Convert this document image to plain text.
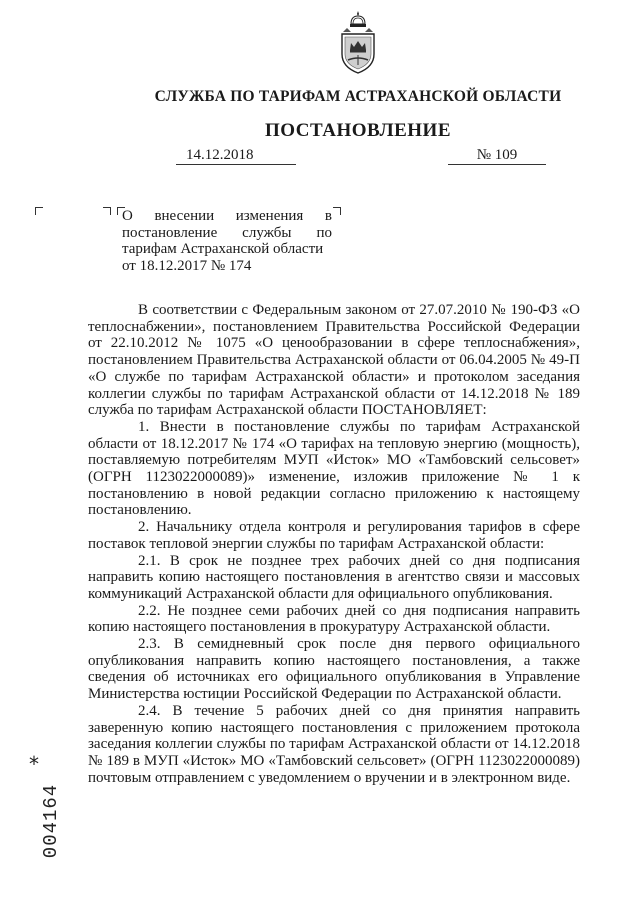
СЛУЖБА ПО ТАРИФАМ АСТРАХАНСКОЙ ОБЛАСТИ
ПОСТАНОВЛЕНИЕ
14.12.2018	№ 109
О внесении изменения в
постановление службы по
тарифам Астраханской области
от 18.12.2017 № 174

В соответствии с Федеральным законом от 27.07.2010 № 190-ФЗ «О теплоснабжении», постановлением Правительства Российской Федерации от 22.10.2012 № 1075 «О ценообразовании в сфере теплоснабжения», постановлением Правительства Астраханской области от 06.04.2005 № 49-П «О службе по тарифам Астраханской области» и протоколом заседания коллегии службы по тарифам Астраханской области от 14.12.2018 № 189 служба по тарифам Астраханской области ПОСТАНОВЛЯЕТ:

1. Внести в постановление службы по тарифам Астраханской области от 18.12.2017 № 174 «О тарифах на тепловую энергию (мощность), поставляемую потребителям МУП «Исток» МО «Тамбовский сельсовет» (ОГРН 1123022000089)» изменение, изложив приложение № 1 к постановлению в новой редакции согласно приложению к настоящему постановлению.

2. Начальнику отдела контроля и регулирования тарифов в сфере поставок тепловой энергии службы по тарифам Астраханской области:

2.1. В срок не позднее трех рабочих дней со дня подписания направить копию настоящего постановления в агентство связи и массовых коммуникаций Астраханской области для официального опубликования.

2.2. Не позднее семи рабочих дней со дня подписания направить копию настоящего постановления в прокуратуру Астраханской области.

2.3. В семидневный срок после дня первого официального опубликования направить копию настоящего постановления, а также сведения об источниках его официального опубликования в Управление Министерства юстиции Российской Федерации по Астраханской области.

2.4. В течение 5 рабочих дней со дня принятия направить заверенную копию настоящего постановления с приложением протокола заседания коллегии службы по тарифам Астраханской области от 14.12.2018 № 189 в МУП «Исток» МО «Тамбовский сельсовет» (ОГРН 1123022000089) почтовым отправлением с уведомлением о вручении и в электронном виде.

*
004164
